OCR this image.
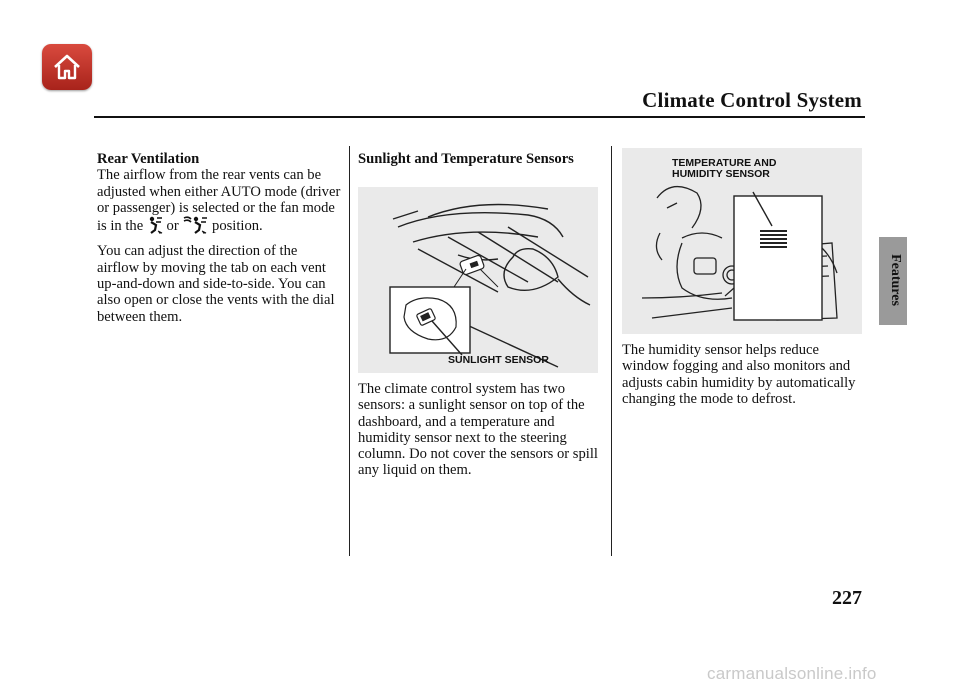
Climate Control System
Features
Rear Ventilation

The airflow from the rear vents can be adjusted when either AUTO mode (driver or passenger) is selected or the fan mode is in the or position.

You can adjust the direction of the airflow by moving the tab on each vent up-and-down and side-to-side. You can also open or close the vents with the dial between them.

Sunlight and Temperature Sensors
SUNLIGHT SENSOR

The climate control system has two sensors: a sunlight sensor on top of the dashboard, and a temperature and humidity sensor next to the steering column. Do not cover the sensors or spill any liquid on them.

TEMPERATURE AND
HUMIDITY SENSOR

The humidity sensor helps reduce window fogging and also monitors and adjusts cabin humidity by automatically changing the mode to defrost.

227
carmanualsonline.info
